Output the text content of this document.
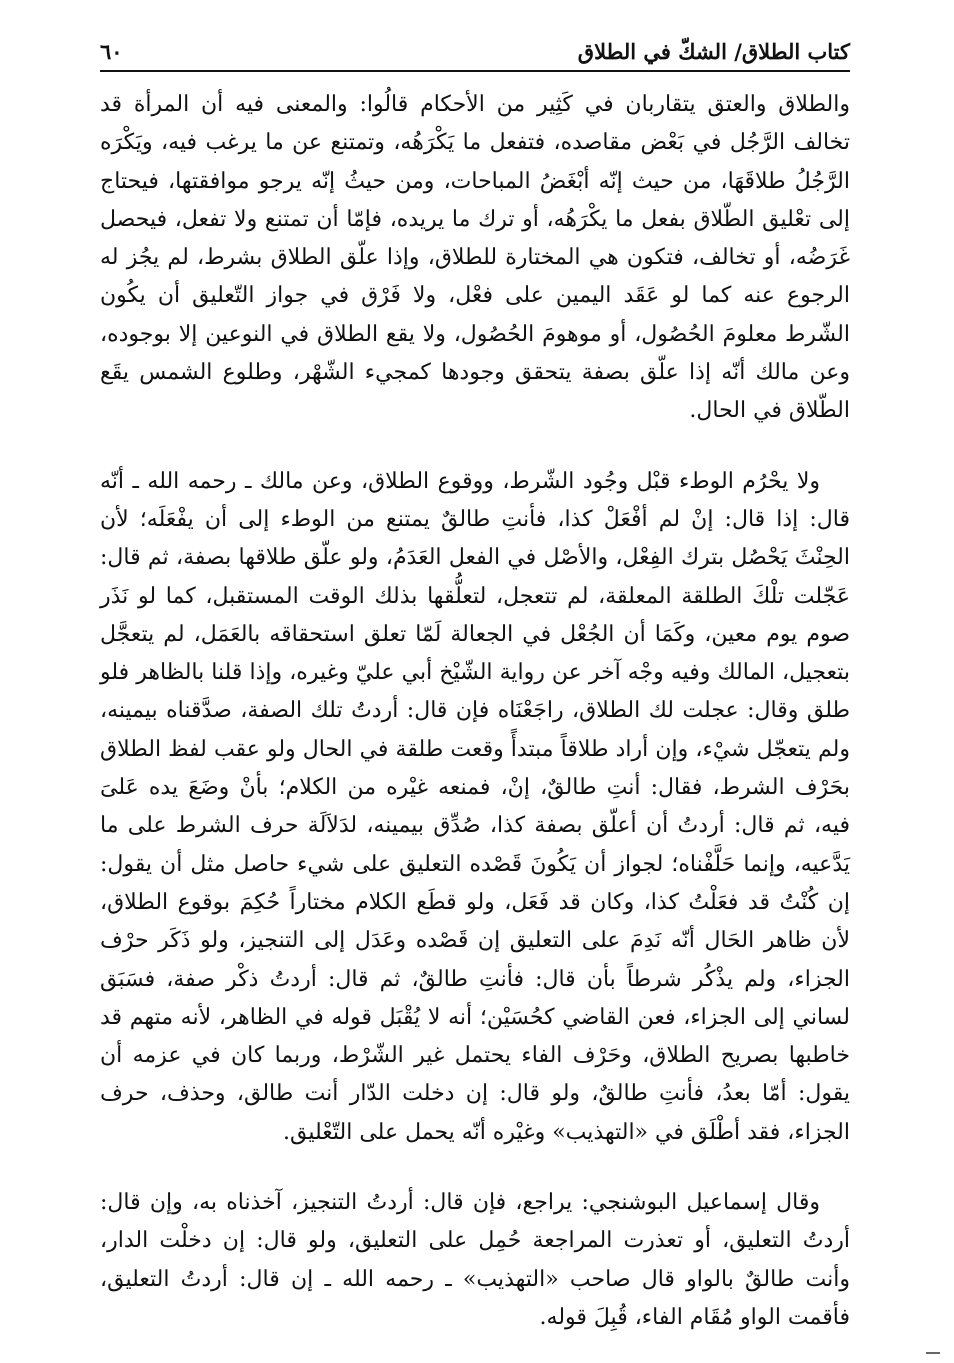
كتاب الطلاق/ الشكّ في الطلاق
٦٠

والطلاق والعتق يتقاربان في كَثِير من الأحكام قالُوا: والمعنى فيه أن المرأة قد تخالف الرَّجُل في بَعْض مقاصده، فتفعل ما يَكْرَهُه، وتمتنع عن ما يرغب فيه، ويَكْرَه الرَّجُلُ طلاقَهَا، من حيث إنّه أبْغَضُ المباحات، ومن حيثُ إنّه يرجو موافقتها، فيحتاج إلى تعْليق الطّلاق بفعل ما يكْرَهُه، أو ترك ما يريده، فإمّا أن تمتنع ولا تفعل، فيحصل غَرَضُه، أو تخالف، فتكون هي المختارة للطلاق، وإذا علّق الطلاق بشرط، لم يجُز له الرجوع عنه كما لو عَقَد اليمين على فعْل، ولا فَرْق في جواز التّعليق أن يكُون الشّرط معلومَ الحُصُول، أو موهومَ الحُصُول، ولا يقع الطلاق في النوعين إلا بوجوده، وعن مالك أنّه إذا علّق بصفة يتحقق وجودها كمجيء الشّهْر، وطلوع الشمس يقَع الطّلاق في الحال.

ولا يحْرُم الوطء قبْل وجُود الشّرط، ووقوع الطلاق، وعن مالك ـ رحمه الله ـ أنّه قال: إذا قال: إنْ لم أفْعَلْ كذا، فأنتِ طالقٌ يمتنع من الوطء إلى أن يفْعَلَه؛ لأن الحِنْثَ يَحْصُل بترك الفِعْل، والأصْل في الفعل العَدَمُ، ولو علّق طلاقها بصفة، ثم قال: عَجّلت تلْكَ الطلقة المعلقة، لم تتعجل، لتعلُّقها بذلك الوقت المستقبل، كما لو نَذَر صوم يوم معين، وكَمَا أن الجُعْل في الجعالة لَمّا تعلق استحقاقه بالعَمَل، لم يتعجَّل بتعجيل، المالك وفيه وجْه آخر عن رواية الشّيْخ أبي عليّ وغيره، وإذا قلنا بالظاهر فلو طلق وقال: عجلت لك الطلاق، راجَعْنَاه فإن قال: أردتُ تلك الصفة، صدَّقناه بيمينه، ولم يتعجّل شيْء، وإن أراد طلاقاً مبتدأً وقعت طلقة في الحال ولو عقب لفظ الطلاق بحَرْف الشرط، فقال: أنتِ طالقٌ، إنْ، فمنعه غيْره من الكلام؛ بأنْ وضَعَ يده عَلىَ فيه، ثم قال: أردتُ أن أعلّق بصفة كذا، صُدِّق بيمينه، لدَلاَلَة حرف الشرط على ما يَدَّعيه، وإنما حَلَّفْناه؛ لجواز أن يَكُونَ قَصْده التعليق على شيء حاصل مثل أن يقول: إن كُنْتُ قد فعَلْتُ كذا، وكان قد فَعَل، ولو قطَع الكلام مختاراً حُكِمَ بوقوع الطلاق، لأن ظاهر الحَال أنّه نَدِمَ على التعليق إن قَصْده وعَدَل إلى التنجيز، ولو ذَكَر حرْف الجزاء، ولم يذْكُر شرطاً بأن قال: فأنتِ طالقٌ، ثم قال: أردتُ ذكْر صفة، فسَبَق لساني إلى الجزاء، فعن القاضي كحُسَيْن؛ أنه لا يُقْبَل قوله في الظاهر، لأنه متهم قد خاطبها بصريح الطلاق، وحَرْف الفاء يحتمل غير الشّرْط، وربما كان في عزمه أن يقول: أمّا بعدُ، فأنتِ طالقٌ، ولو قال: إن دخلت الدّار أنت طالق، وحذف، حرف الجزاء، فقد أطْلَق في «التهذيب» وغيْره أنّه يحمل على التّعْليق.

وقال إسماعيل البوشنجي: يراجع، فإن قال: أردتُ التنجيز، آخذناه به، وإن قال: أردتُ التعليق، أو تعذرت المراجعة حُمِل على التعليق، ولو قال: إن دخلْت الدار، وأنت طالقٌ بالواو قال صاحب «التهذيب» ـ رحمه الله ـ إن قال: أردتُ التعليق، فأقمت الواو مُقَام الفاء، قُبِلَ قوله.
